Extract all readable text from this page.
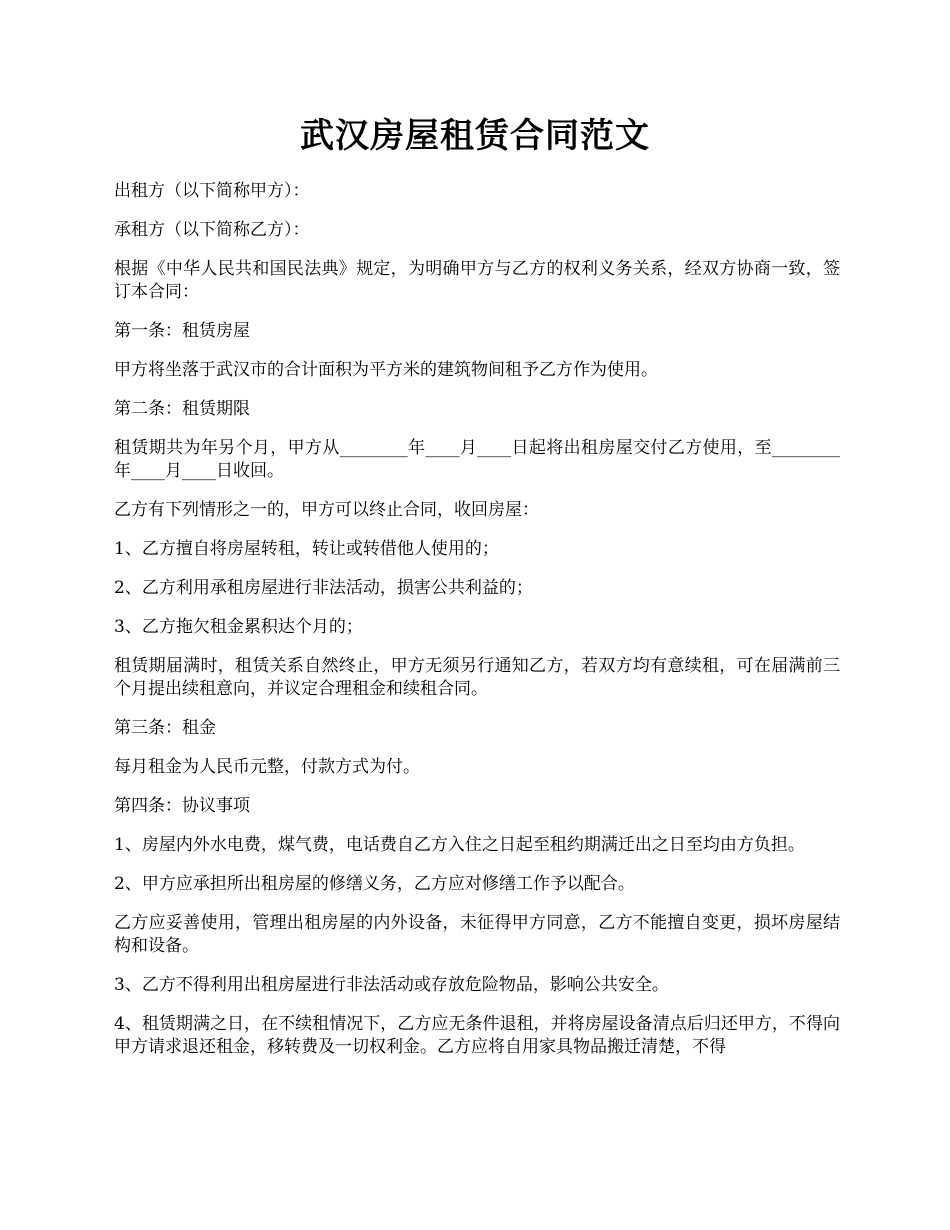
武汉房屋租赁合同范文

出租方（以下简称甲方）：

承租方（以下简称乙方）：

根据《中华人民共和国民法典》规定，为明确甲方与乙方的权利义务关系，经双方协商一致，签订本合同：

第一条：租赁房屋

甲方将坐落于武汉市的合计面积为平方米的建筑物间租予乙方作为使用。

第二条：租赁期限

租赁期共为年另个月，甲方从________年____月____日起将出租房屋交付乙方使用，至________年____月____日收回。

乙方有下列情形之一的，甲方可以终止合同，收回房屋：

1、乙方擅自将房屋转租，转让或转借他人使用的；

2、乙方利用承租房屋进行非法活动，损害公共利益的；

3、乙方拖欠租金累积达个月的；

租赁期届满时，租赁关系自然终止，甲方无须另行通知乙方，若双方均有意续租，可在届满前三个月提出续租意向，并议定合理租金和续租合同。

第三条：租金

每月租金为人民币元整，付款方式为付。

第四条：协议事项

1、房屋内外水电费，煤气费，电话费自乙方入住之日起至租约期满迁出之日至均由方负担。

2、甲方应承担所出租房屋的修缮义务，乙方应对修缮工作予以配合。

乙方应妥善使用，管理出租房屋的内外设备，未征得甲方同意，乙方不能擅自变更，损坏房屋结构和设备。

3、乙方不得利用出租房屋进行非法活动或存放危险物品，影响公共安全。

4、租赁期满之日，在不续租情况下，乙方应无条件退租，并将房屋设备清点后归还甲方，不得向甲方请求退还租金，移转费及一切权利金。乙方应将自用家具物品搬迁清楚，不得
